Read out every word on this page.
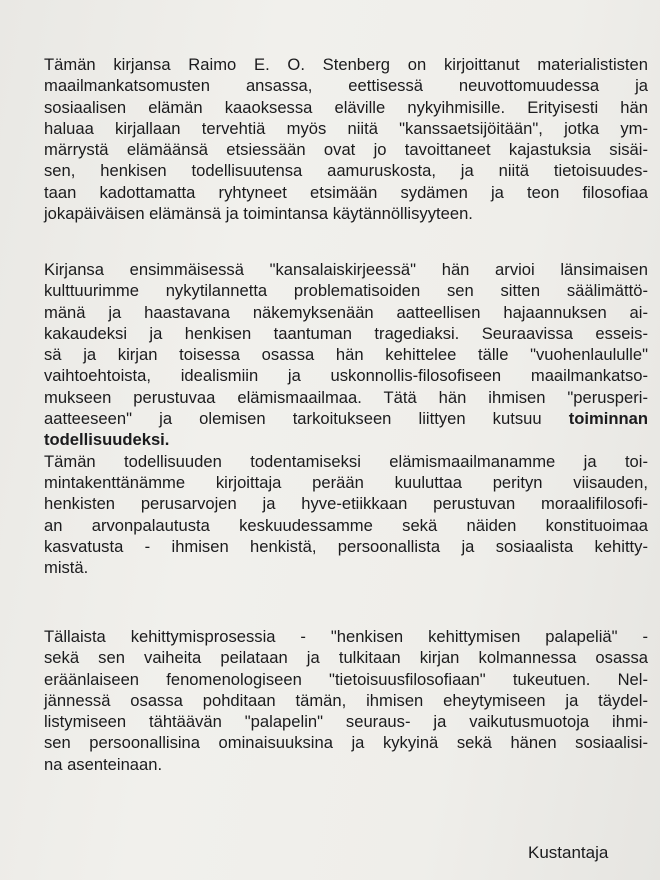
Tämän kirjansa Raimo E. O. Stenberg on kirjoittanut materialististen
maailmankatsomusten ansassa, eettisessä neuvottomuudessa ja
sosiaalisen elämän kaaoksessa eläville nykyihmisille. Erityisesti hän
haluaa kirjallaan tervehtiä myös niitä "kanssaetsijöitään", jotka ym-
märrystä elämäänsä etsiessään ovat jo tavoittaneet kajastuksia sisäi-
sen, henkisen todellisuutensa aamuruskosta, ja niitä tietoisuudes-
taan kadottamatta ryhtyneet etsimään sydämen ja teon filosofiaa
jokapäiväisen elämänsä ja toimintansa käytännöllisyyteen.
Kirjansa ensimmäisessä "kansalaiskirjeessä" hän arvioi länsimaisen
kulttuurimme nykytilannetta problematisoiden sen sitten säälimättö-
mänä ja haastavana näkemyksenään aatteellisen hajaannuksen ai-
kakaudeksi ja henkisen taantuman tragediaksi. Seuraavissa esseis-
sä ja kirjan toisessa osassa hän kehittelee tälle "vuohenlaululle"
vaihtoehtoista, idealismiin ja uskonnollis-filosofiseen maailmankatso-
mukseen perustuvaa elämismaailmaa. Tätä hän ihmisen "perusperi-
aatteeseen" ja olemisen tarkoitukseen liittyen kutsuu toiminnan
todellisuudeksi.
Tämän todellisuuden todentamiseksi elämismaailmanamme ja toi-
mintakenttänämme kirjoittaja perään kuuluttaa perityn viisauden,
henkisten perusarvojen ja hyve-etiikkaan perustuvan moraalifilosofi-
an arvonpalautusta keskuudessamme sekä näiden konstituoimaa
kasvatusta - ihmisen henkistä, persoonallista ja sosiaalista kehitty-
mistä.
Tällaista kehittymisprosessia - "henkisen kehittymisen palapeliä" -
sekä sen vaiheita peilataan ja tulkitaan kirjan kolmannessa osassa
eräänlaiseen fenomenologiseen "tietoisuusfilosofiaan" tukeutuen. Nel-
jännessä osassa pohditaan tämän, ihmisen eheytymiseen ja täydel-
listymiseen tähtäävän "palapelin" seuraus- ja vaikutusmuotoja ihmi-
sen persoonallisina ominaisuuksina ja kykyinä sekä hänen sosiaalisi-
na asenteinaan.
Kustantaja
